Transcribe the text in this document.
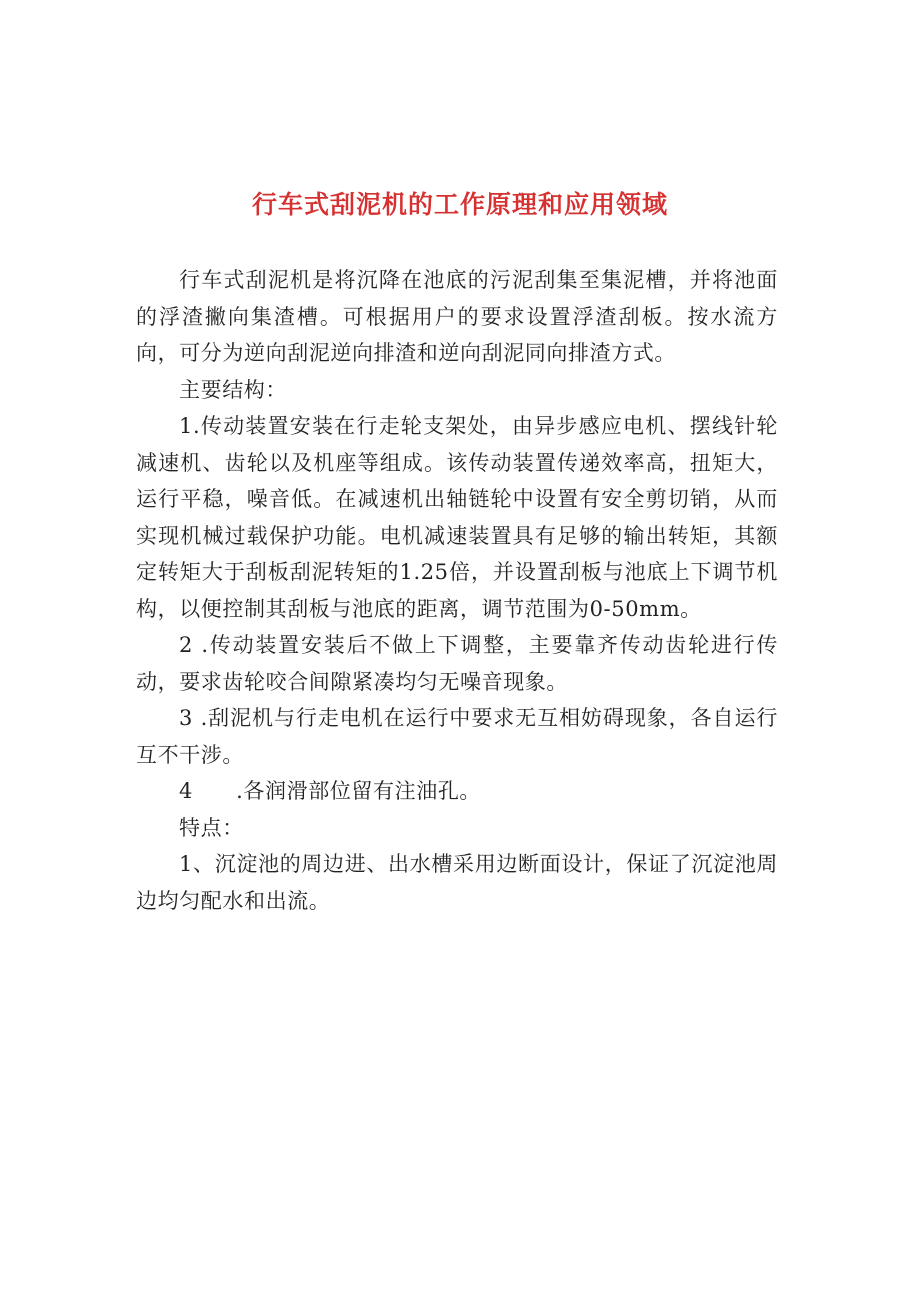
行车式刮泥机的工作原理和应用领域

行车式刮泥机是将沉降在池底的污泥刮集至集泥槽，并将池面的浮渣撇向集渣槽。可根据用户的要求设置浮渣刮板。按水流方向，可分为逆向刮泥逆向排渣和逆向刮泥同向排渣方式。

主要结构：

1.传动装置安装在行走轮支架处，由异步感应电机、摆线针轮减速机、齿轮以及机座等组成。该传动装置传递效率高，扭矩大，运行平稳，噪音低。在减速机出轴链轮中设置有安全剪切销，从而实现机械过载保护功能。电机减速装置具有足够的输出转矩，其额定转矩大于刮板刮泥转矩的1.25倍，并设置刮板与池底上下调节机构，以便控制其刮板与池底的距离，调节范围为0-50mm。

2 .传动装置安装后不做上下调整，主要靠齐传动齿轮进行传动，要求齿轮咬合间隙紧凑均匀无噪音现象。

3 .刮泥机与行走电机在运行中要求无互相妨碍现象，各自运行互不干涉。

4　　.各润滑部位留有注油孔。

特点：

1、沉淀池的周边进、出水槽采用边断面设计，保证了沉淀池周边均匀配水和出流。
